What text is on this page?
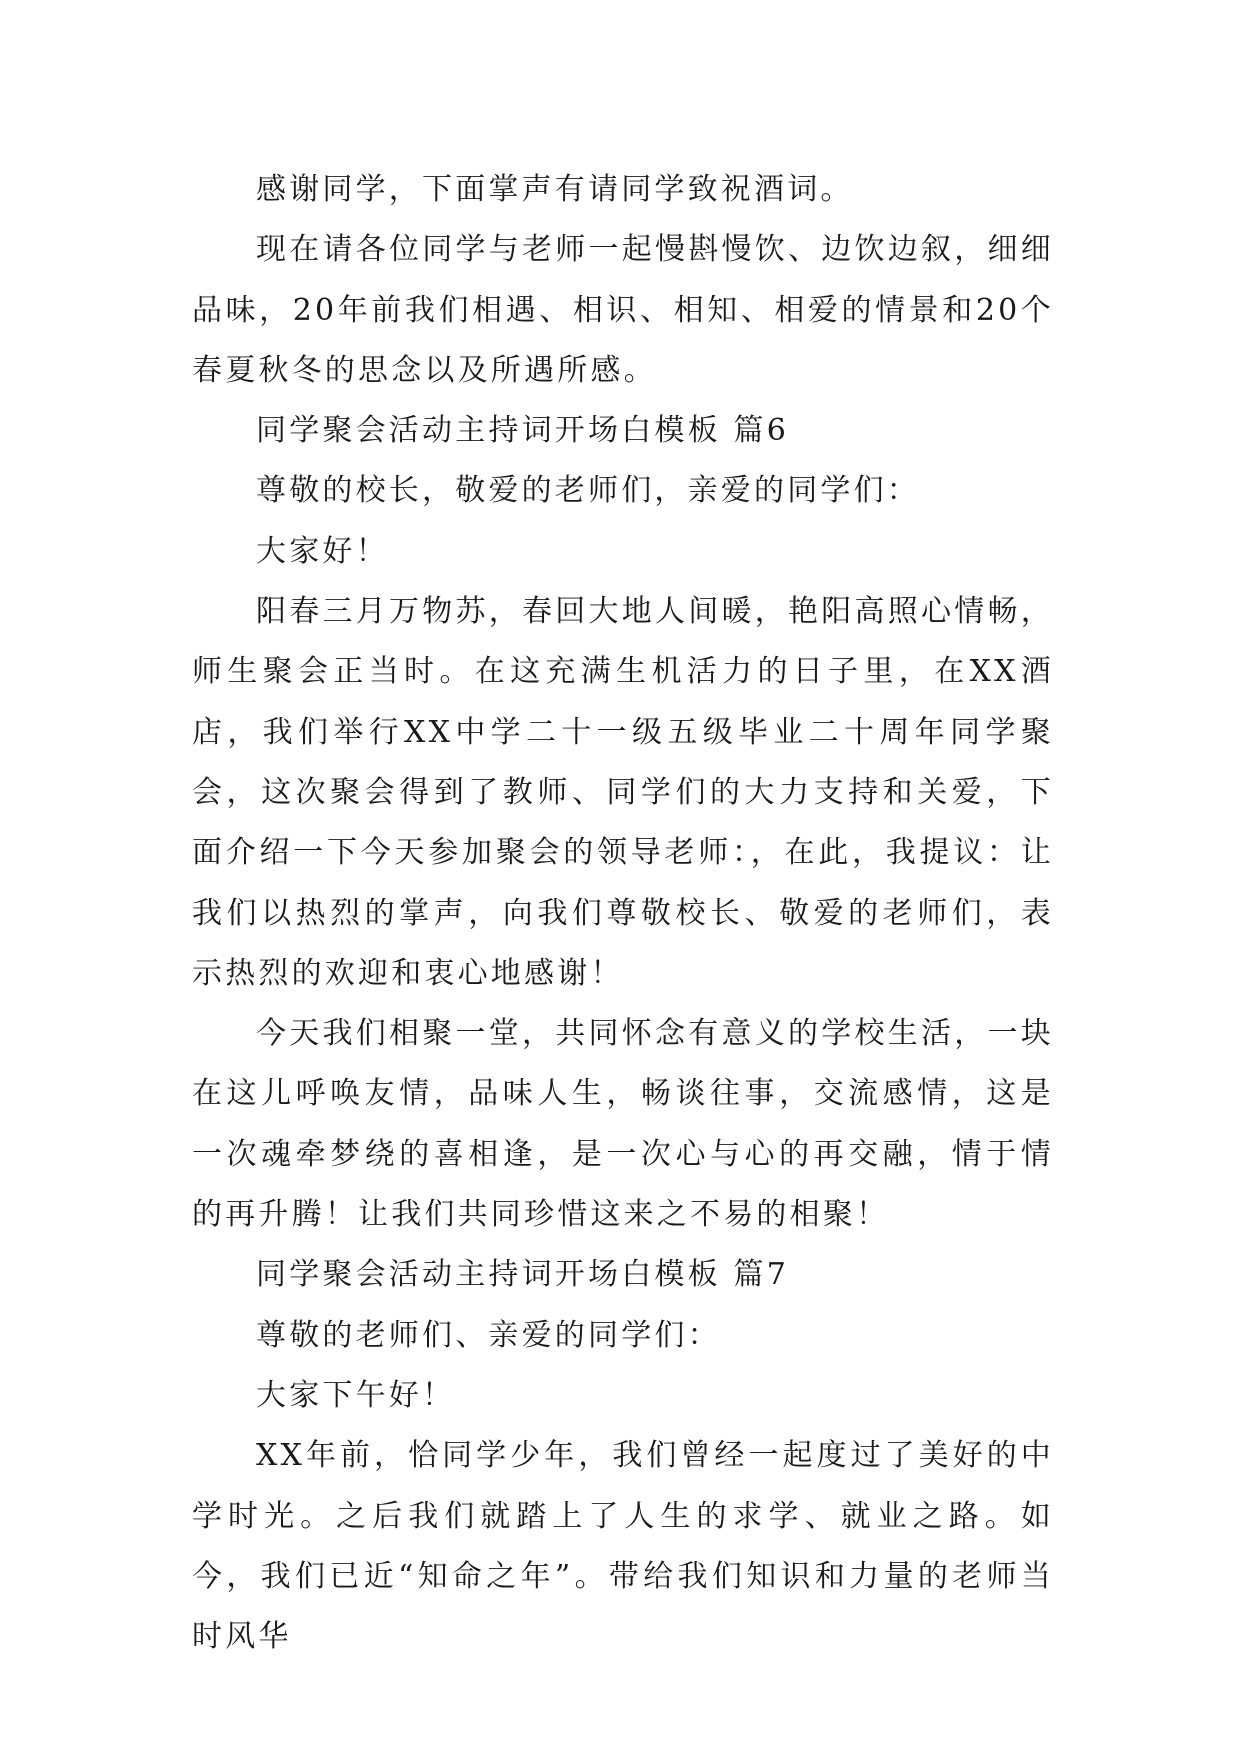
感谢同学，下面掌声有请同学致祝酒词。

现在请各位同学与老师一起慢斟慢饮、边饮边叙，细细品味，20年前我们相遇、相识、相知、相爱的情景和20个春夏秋冬的思念以及所遇所感。

同学聚会活动主持词开场白模板 篇6

尊敬的校长，敬爱的老师们，亲爱的同学们：

大家好！

阳春三月万物苏，春回大地人间暖，艳阳高照心情畅，师生聚会正当时。在这充满生机活力的日子里，在XX酒店，我们举行XX中学二十一级五级毕业二十周年同学聚会，这次聚会得到了教师、同学们的大力支持和关爱，下面介绍一下今天参加聚会的领导老师：，在此，我提议：让我们以热烈的掌声，向我们尊敬校长、敬爱的老师们，表示热烈的欢迎和衷心地感谢！

今天我们相聚一堂，共同怀念有意义的学校生活，一块在这儿呼唤友情，品味人生，畅谈往事，交流感情，这是一次魂牵梦绕的喜相逢，是一次心与心的再交融，情于情的再升腾！让我们共同珍惜这来之不易的相聚！

同学聚会活动主持词开场白模板 篇7

尊敬的老师们、亲爱的同学们：

大家下午好！

XX年前，恰同学少年，我们曾经一起度过了美好的中学时光。之后我们就踏上了人生的求学、就业之路。如今，我们已近“知命之年”。带给我们知识和力量的老师当时风华
